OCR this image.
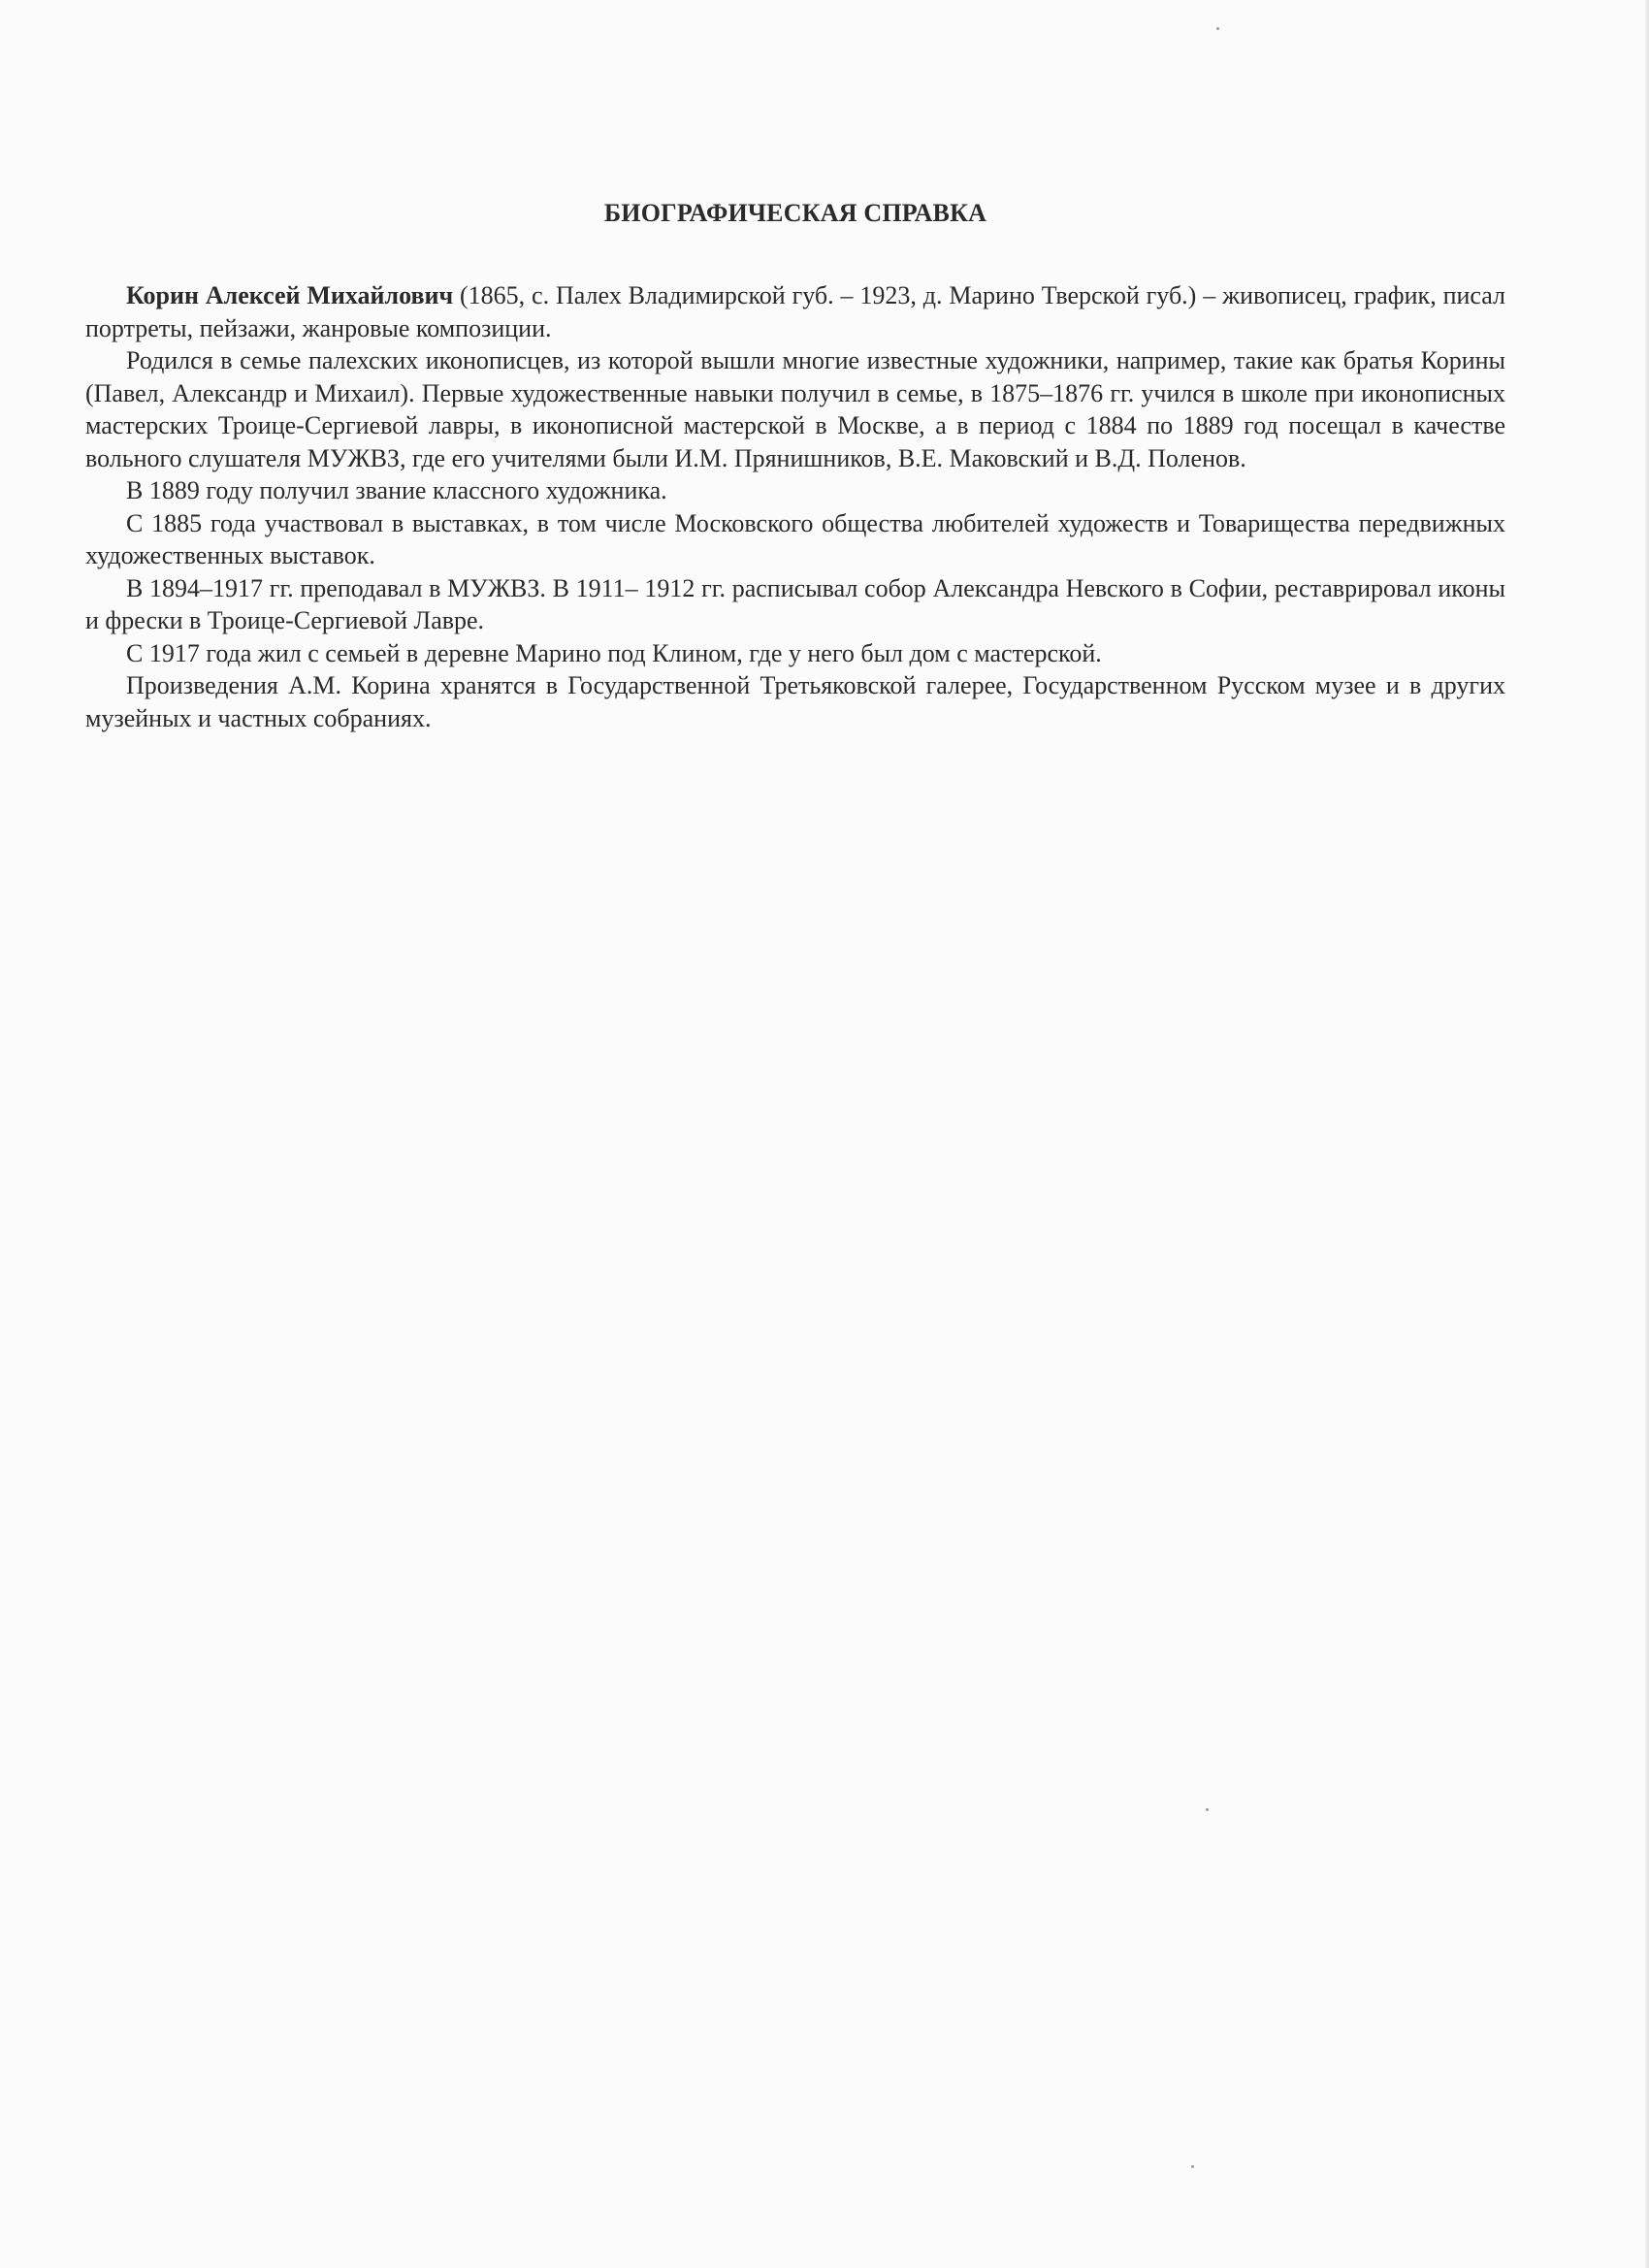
БИОГРАФИЧЕСКАЯ СПРАВКА

Корин Алексей Михайлович (1865, с. Палех Владимирской губ. – 1923, д. Марино Тверской губ.) – живописец, график, писал портреты, пейзажи, жанровые композиции.

Родился в семье палехских иконописцев, из которой вышли многие известные художники, например, такие как братья Корины (Павел, Александр и Михаил). Первые художественные навыки получил в семье, в 1875–1876 гг. учился в школе при иконописных мастерских Троице-Сергиевой лавры, в иконописной мастерской в Москве, а в период с 1884 по 1889 год посещал в качестве вольного слушателя МУЖВЗ, где его учителями были И.М. Прянишников, В.Е. Маковский и В.Д. Поленов.

В 1889 году получил звание классного художника.

С 1885 года участвовал в выставках, в том числе Московского общества любителей художеств и Товарищества передвижных художественных выставок.

В 1894–1917 гг. преподавал в МУЖВЗ. В 1911– 1912 гг. расписывал собор Александра Невского в Софии, реставрировал иконы и фрески в Троице-Сергиевой Лавре.

С 1917 года жил с семьей в деревне Марино под Клином, где у него был дом с мастерской.

Произведения А.М. Корина хранятся в Государственной Третьяковской галерее, Государственном Русском музее и в других музейных и частных собраниях.
